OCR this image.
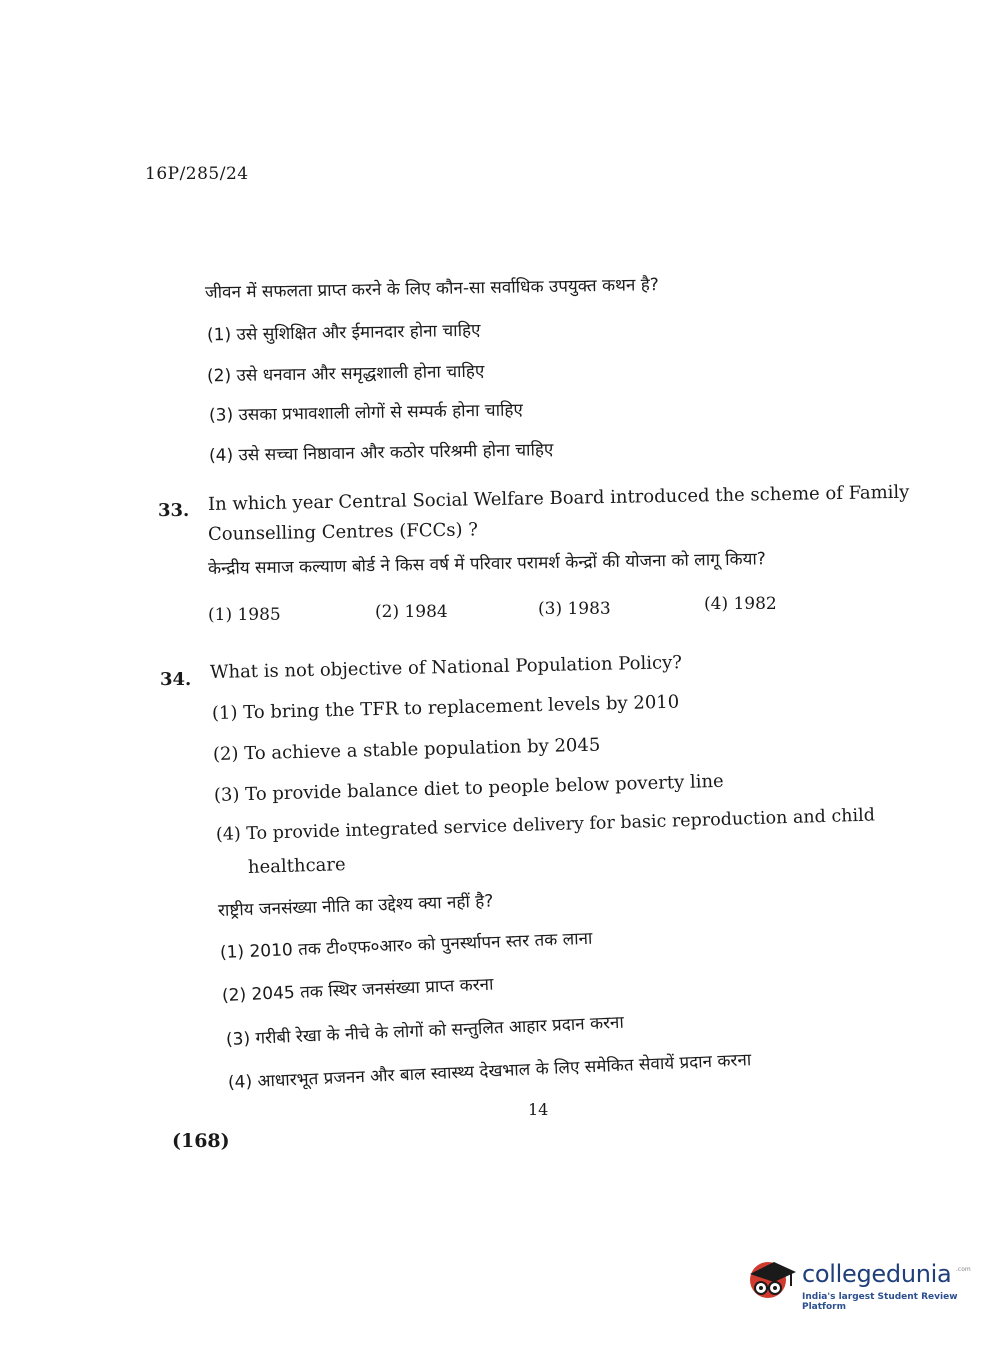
16P/285/24
जीवन में सफलता प्राप्त करने के लिए कौन-सा सर्वाधिक उपयुक्त कथन है?
(1) उसे सुशिक्षित और ईमानदार होना चाहिए
(2) उसे धनवान और समृद्धशाली होना चाहिए
(3) उसका प्रभावशाली लोगों से सम्पर्क होना चाहिए
(4) उसे सच्चा निष्ठावान और कठोर परिश्रमी होना चाहिए
33. In which year Central Social Welfare Board introduced the scheme of Family
Counselling Centres (FCCs) ?
केन्द्रीय समाज कल्याण बोर्ड ने किस वर्ष में परिवार परामर्श केन्द्रों की योजना को लागू किया?
(1) 1985	(2) 1984	(3) 1983	(4) 1982
34. What is not objective of National Population Policy?
(1) To bring the TFR to replacement levels by 2010
(2) To achieve a stable population by 2045
(3) To provide balance diet to people below poverty line
(4) To provide integrated service delivery for basic reproduction and child
healthcare
राष्ट्रीय जनसंख्या नीति का उद्देश्य क्या नहीं है?
(1) 2010 तक टी०एफ०आर० को पुनर्स्थापन स्तर तक लाना
(2) 2045 तक स्थिर जनसंख्या प्राप्त करना
(3) गरीबी रेखा के नीचे के लोगों को सन्तुलित आहार प्रदान करना
(4) आधारभूत प्रजनन और बाल स्वास्थ्य देखभाल के लिए समेकित सेवायें प्रदान करना
14
(168)
collegedunia .com
India's largest Student Review Platform
